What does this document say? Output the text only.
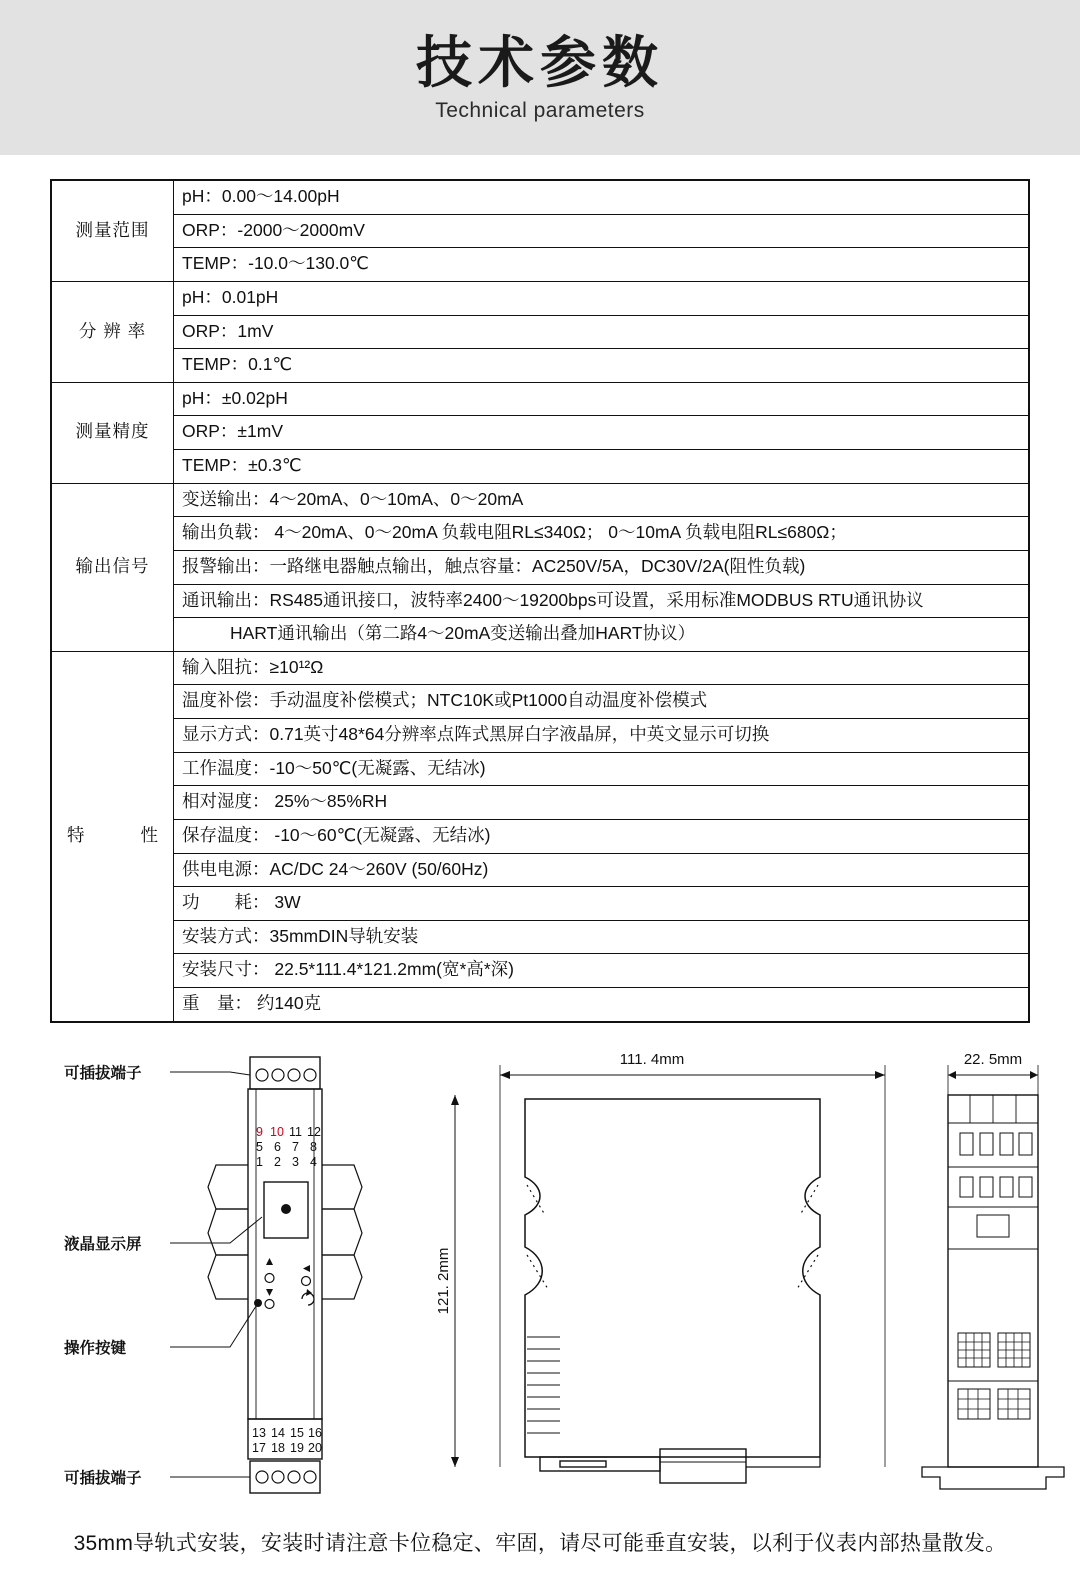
技术参数
Technical parameters
测量范围	pH：0.00～14.00pH
	ORP：-2000～2000mV
	TEMP：-10.0～130.0℃
分 辨 率	pH：0.01pH
	ORP：1mV
	TEMP：0.1℃
测量精度	pH：±0.02pH
	ORP：±1mV
	TEMP：±0.3℃
输出信号	变送输出：4～20mA、0～10mA、0～20mA
	输出负载： 4～20mA、0～20mA 负载电阻RL≤340Ω； 0～10mA 负载电阻RL≤680Ω；
	报警输出：一路继电器触点输出，触点容量：AC250V/5A，DC30V/2A(阻性负载)
	通讯输出：RS485通讯接口，波特率2400～19200bps可设置，采用标准MODBUS RTU通讯协议
	HART通讯输出（第二路4～20mA变送输出叠加HART协议）
特　　性	输入阻抗：≥10¹²Ω
	温度补偿：手动温度补偿模式；NTC10K或Pt1000自动温度补偿模式
	显示方式：0.71英寸48*64分辨率点阵式黑屏白字液晶屏，中英文显示可切换
	工作温度：-10～50℃(无凝露、无结冰)
	相对湿度： 25%～85%RH
	保存温度： -10～60℃(无凝露、无结冰)
	供电电源：AC/DC 24～260V (50/60Hz)
	功　　耗： 3W
	安装方式：35mmDIN导轨安装
	安装尺寸： 22.5*111.4*121.2mm(宽*高*深)
	重　量： 约140克
可插拔端子
液晶显示屏
操作按键
可插拔端子
9 10 11 12
5 6 7 8
1 2 3 4
13 14 15 16
17 18 19 20
111. 4mm	22. 5mm
121. 2mm
35mm导轨式安装，安装时请注意卡位稳定、牢固，请尽可能垂直安装，以利于仪表内部热量散发。
